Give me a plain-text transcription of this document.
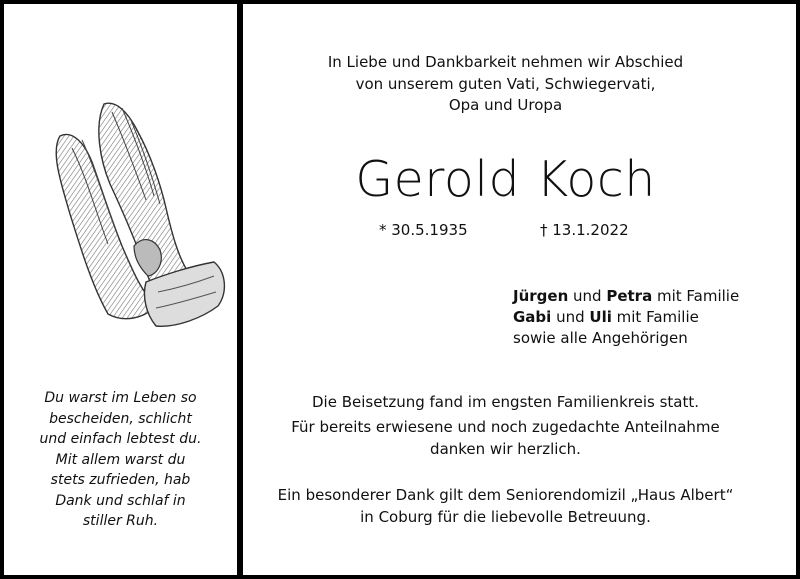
Du warst im Leben so
bescheiden, schlicht
und einfach lebtest du.
Mit allem warst du
stets zufrieden, hab
Dank und schlaf in
stiller Ruh.
In Liebe und Dankbarkeit nehmen wir Abschied
von unserem guten Vati, Schwiegervati,
Opa und Uropa
Gerold Koch
* 30.5.1935	† 13.1.2022
Jürgen und Petra mit Familie
Gabi und Uli mit Familie
sowie alle Angehörigen
Die Beisetzung fand im engsten Familienkreis statt.
Für bereits erwiesene und noch zugedachte Anteilnahme
danken wir herzlich.
Ein besonderer Dank gilt dem Seniorendomizil „Haus Albert“
in Coburg für die liebevolle Betreuung.
